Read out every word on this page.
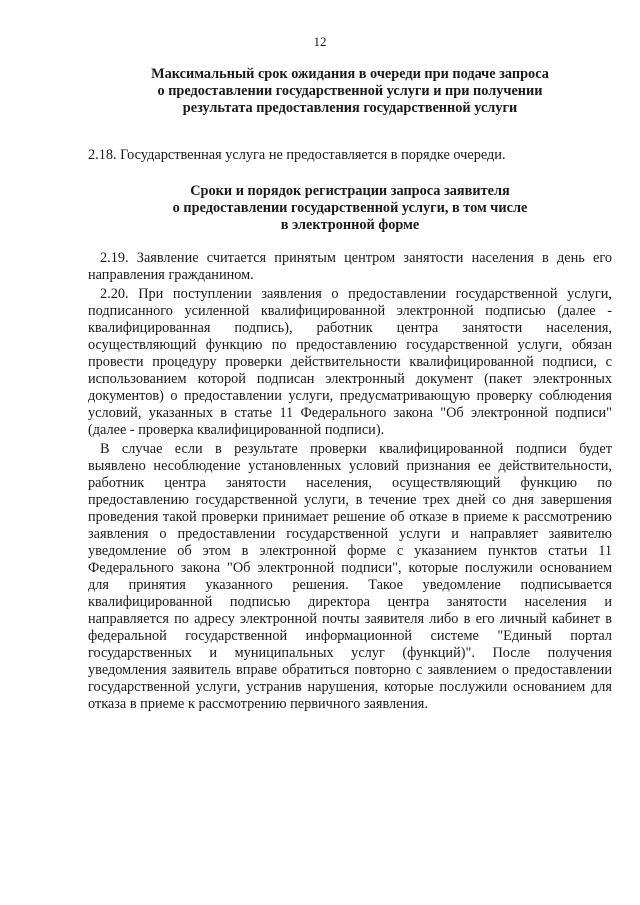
12
Максимальный срок ожидания в очереди при подаче запроса
о предоставлении государственной услуги и при получении
результата предоставления государственной услуги
2.18. Государственная услуга не предоставляется в порядке очереди.
Сроки и порядок регистрации запроса заявителя
о предоставлении государственной услуги, в том числе
в электронной форме
2.19. Заявление считается принятым центром занятости населения в день его
направления гражданином.
2.20. При поступлении заявления о предоставлении государственной услуги,
подписанного усиленной квалифицированной электронной подписью (далее -
квалифицированная подпись), работник центра занятости населения,
осуществляющий функцию по предоставлению государственной услуги, обязан
провести процедуру проверки действительности квалифицированной подписи, с
использованием которой подписан электронный документ (пакет электронных
документов) о предоставлении услуги, предусматривающую проверку соблюдения
условий, указанных в статье 11 Федерального закона "Об электронной подписи"
(далее - проверка квалифицированной подписи).
В случае если в результате проверки квалифицированной подписи будет
выявлено несоблюдение установленных условий признания ее действительности,
работник центра занятости населения, осуществляющий функцию по
предоставлению государственной услуги, в течение трех дней со дня завершения
проведения такой проверки принимает решение об отказе в приеме к рассмотрению
заявления о предоставлении государственной услуги и направляет заявителю
уведомление об этом в электронной форме с указанием пунктов статьи 11
Федерального закона "Об электронной подписи", которые послужили основанием
для принятия указанного решения. Такое уведомление подписывается
квалифицированной подписью директора центра занятости населения и
направляется по адресу электронной почты заявителя либо в его личный кабинет в
федеральной государственной информационной системе "Единый портал
государственных и муниципальных услуг (функций)". После получения
уведомления заявитель вправе обратиться повторно с заявлением о предоставлении
государственной услуги, устранив нарушения, которые послужили основанием для
отказа в приеме к рассмотрению первичного заявления.
